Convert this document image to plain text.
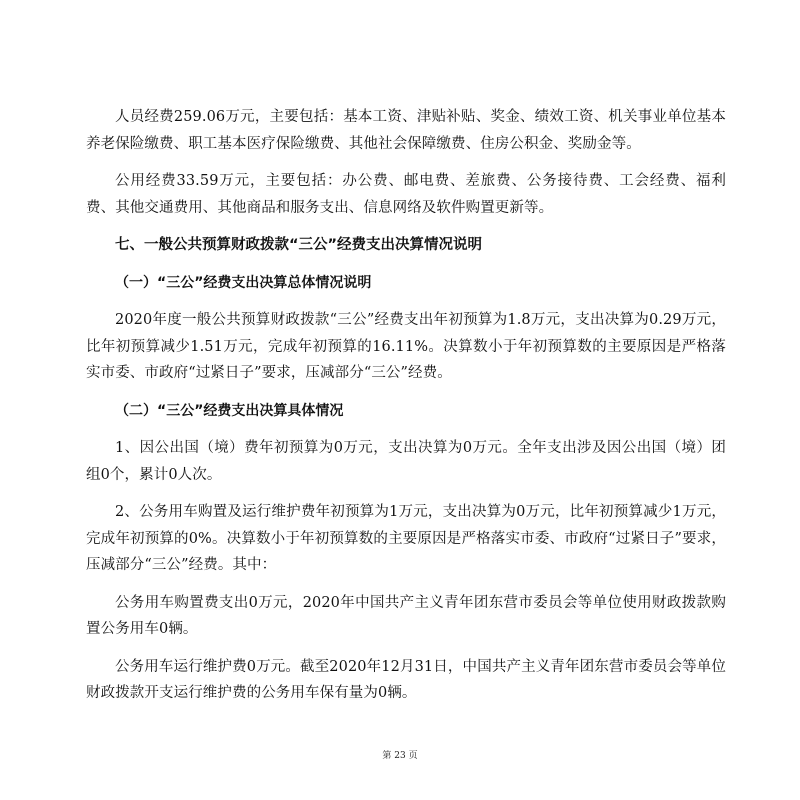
人员经费259.06万元，主要包括：基本工资、津贴补贴、奖金、绩效工资、机关事业单位基本养老保险缴费、职工基本医疗保险缴费、其他社会保障缴费、住房公积金、奖励金等。

公用经费33.59万元，主要包括：办公费、邮电费、差旅费、公务接待费、工会经费、福利费、其他交通费用、其他商品和服务支出、信息网络及软件购置更新等。

七、一般公共预算财政拨款“三公”经费支出决算情况说明
（一）“三公”经费支出决算总体情况说明

2020年度一般公共预算财政拨款“三公”经费支出年初预算为1.8万元，支出决算为0.29万元，比年初预算减少1.51万元，完成年初预算的16.11%。决算数小于年初预算数的主要原因是严格落实市委、市政府“过紧日子”要求，压减部分“三公”经费。

（二）“三公”经费支出决算具体情况

1、因公出国（境）费年初预算为0万元，支出决算为0万元。全年支出涉及因公出国（境）团组0个，累计0人次。

2、公务用车购置及运行维护费年初预算为1万元，支出决算为0万元，比年初预算减少1万元，完成年初预算的0%。决算数小于年初预算数的主要原因是严格落实市委、市政府“过紧日子”要求，压减部分“三公”经费。其中：

公务用车购置费支出0万元，2020年中国共产主义青年团东营市委员会等单位使用财政拨款购置公务用车0辆。

公务用车运行维护费0万元。截至2020年12月31日，中国共产主义青年团东营市委员会等单位财政拨款开支运行维护费的公务用车保有量为0辆。

第 23 页
